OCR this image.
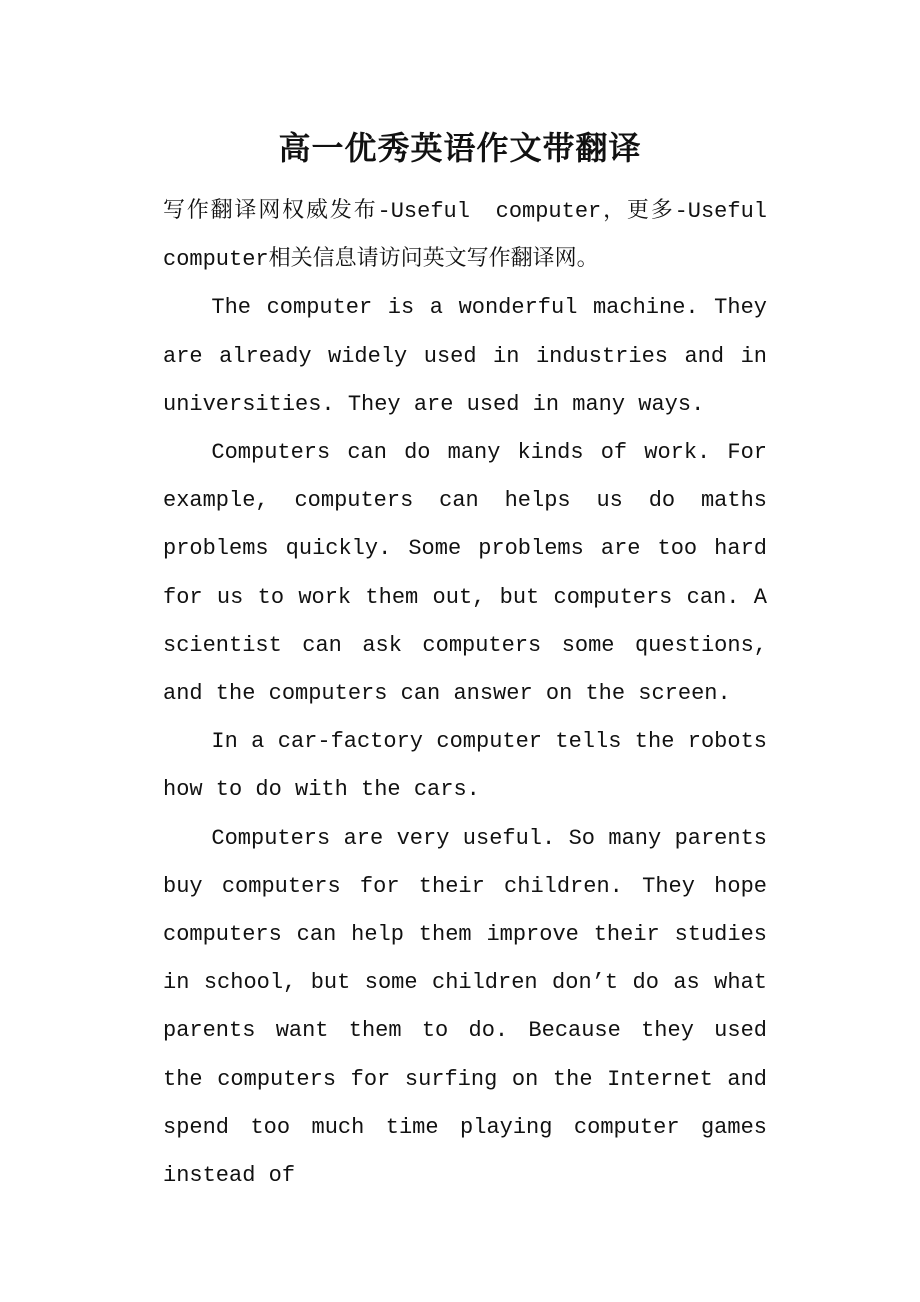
高一优秀英语作文带翻译

写作翻译网权威发布-Useful　computer，更多-Useful computer相关信息请访问英文写作翻译网。

The computer is a wonderful machine. They are already widely used in industries and in universities. They are used in many ways.

Computers can do many kinds of work. For example, computers can helps us do maths problems quickly. Some problems are too hard for us to work them out, but computers can. A scientist can ask computers some questions, and the computers can answer on the screen.

In a car-factory computer tells the robots how to do with the cars.

Computers are very useful. So many parents buy computers for their children. They hope computers can help them improve their studies in school, but some children don’t do as what parents want them to do. Because they used the computers for surfing on the Internet and spend too much time playing computer games instead of
